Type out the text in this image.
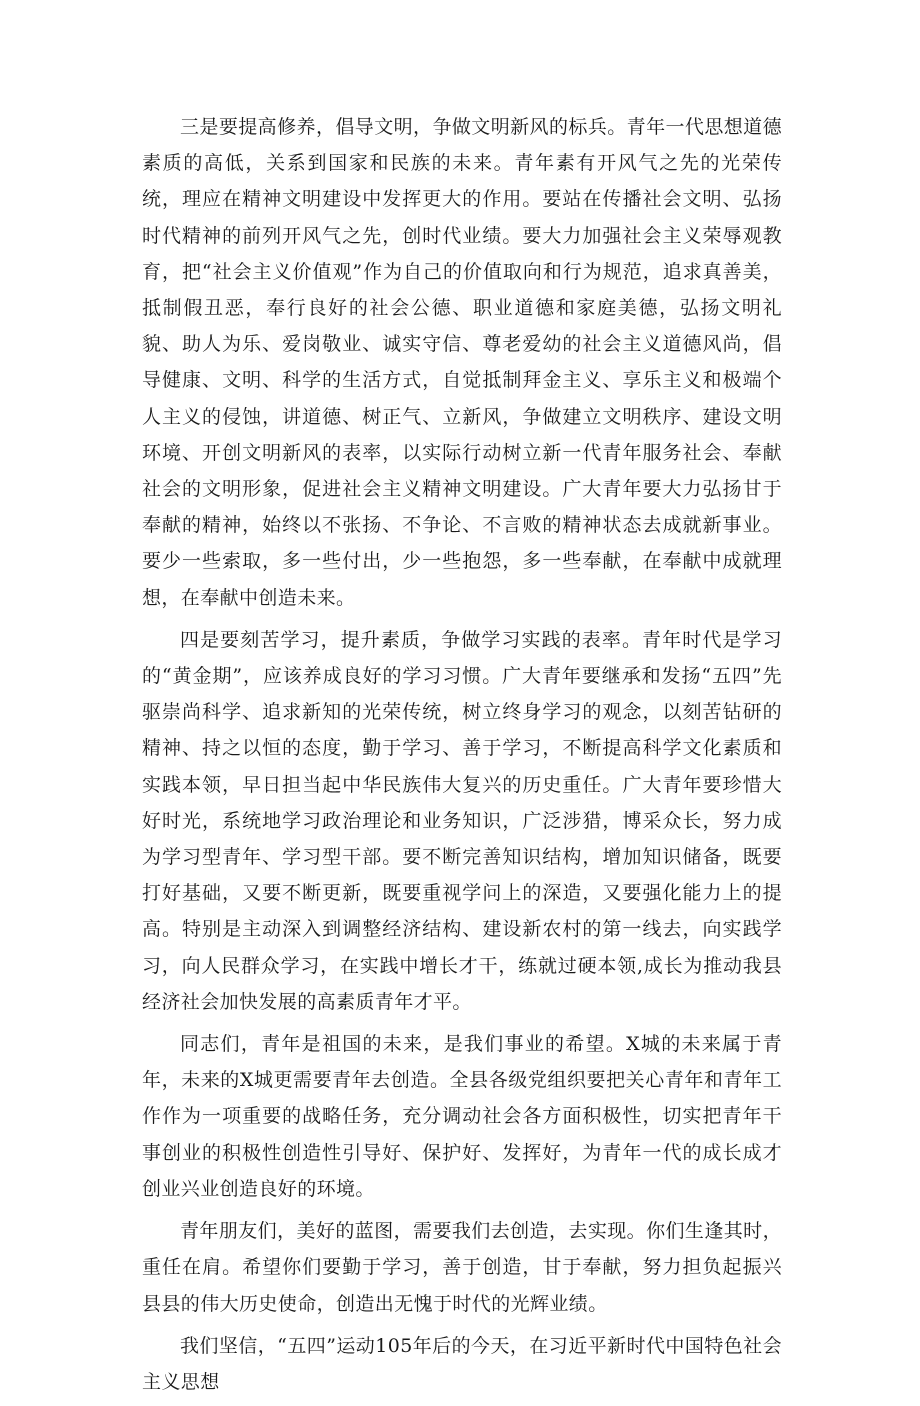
三是要提高修养，倡导文明，争做文明新风的标兵。青年一代思想道德素质的高低，关系到国家和民族的未来。青年素有开风气之先的光荣传统，理应在精神文明建设中发挥更大的作用。要站在传播社会文明、弘扬时代精神的前列开风气之先，创时代业绩。要大力加强社会主义荣辱观教育，把“社会主义价值观”作为自己的价值取向和行为规范，追求真善美，抵制假丑恶，奉行良好的社会公德、职业道德和家庭美德，弘扬文明礼貌、助人为乐、爱岗敬业、诚实守信、尊老爱幼的社会主义道德风尚，倡导健康、文明、科学的生活方式，自觉抵制拜金主义、享乐主义和极端个人主义的侵蚀，讲道德、树正气、立新风，争做建立文明秩序、建设文明环境、开创文明新风的表率，以实际行动树立新一代青年服务社会、奉献社会的文明形象，促进社会主义精神文明建设。广大青年要大力弘扬甘于奉献的精神，始终以不张扬、不争论、不言败的精神状态去成就新事业。要少一些索取，多一些付出，少一些抱怨，多一些奉献，在奉献中成就理想，在奉献中创造未来。

四是要刻苦学习，提升素质，争做学习实践的表率。青年时代是学习的“黄金期”，应该养成良好的学习习惯。广大青年要继承和发扬“五四”先驱崇尚科学、追求新知的光荣传统，树立终身学习的观念，以刻苦钻研的精神、持之以恒的态度，勤于学习、善于学习，不断提高科学文化素质和实践本领，早日担当起中华民族伟大复兴的历史重任。广大青年要珍惜大好时光，系统地学习政治理论和业务知识，广泛涉猎，博采众长，努力成为学习型青年、学习型干部。要不断完善知识结构，增加知识储备，既要打好基础，又要不断更新，既要重视学问上的深造，又要强化能力上的提高。特别是主动深入到调整经济结构、建设新农村的第一线去，向实践学习，向人民群众学习，在实践中增长才干，练就过硬本领,成长为推动我县经济社会加快发展的高素质青年才平。

同志们，青年是祖国的未来，是我们事业的希望。X城的未来属于青年，未来的X城更需要青年去创造。全县各级党组织要把关心青年和青年工作作为一项重要的战略任务，充分调动社会各方面积极性，切实把青年干事创业的积极性创造性引导好、保护好、发挥好，为青年一代的成长成才创业兴业创造良好的环境。

青年朋友们，美好的蓝图，需要我们去创造，去实现。你们生逢其时，重任在肩。希望你们要勤于学习，善于创造，甘于奉献，努力担负起振兴县县的伟大历史使命，创造出无愧于时代的光辉业绩。

我们坚信，“五四”运动105年后的今天，在习近平新时代中国特色社会主义思想
